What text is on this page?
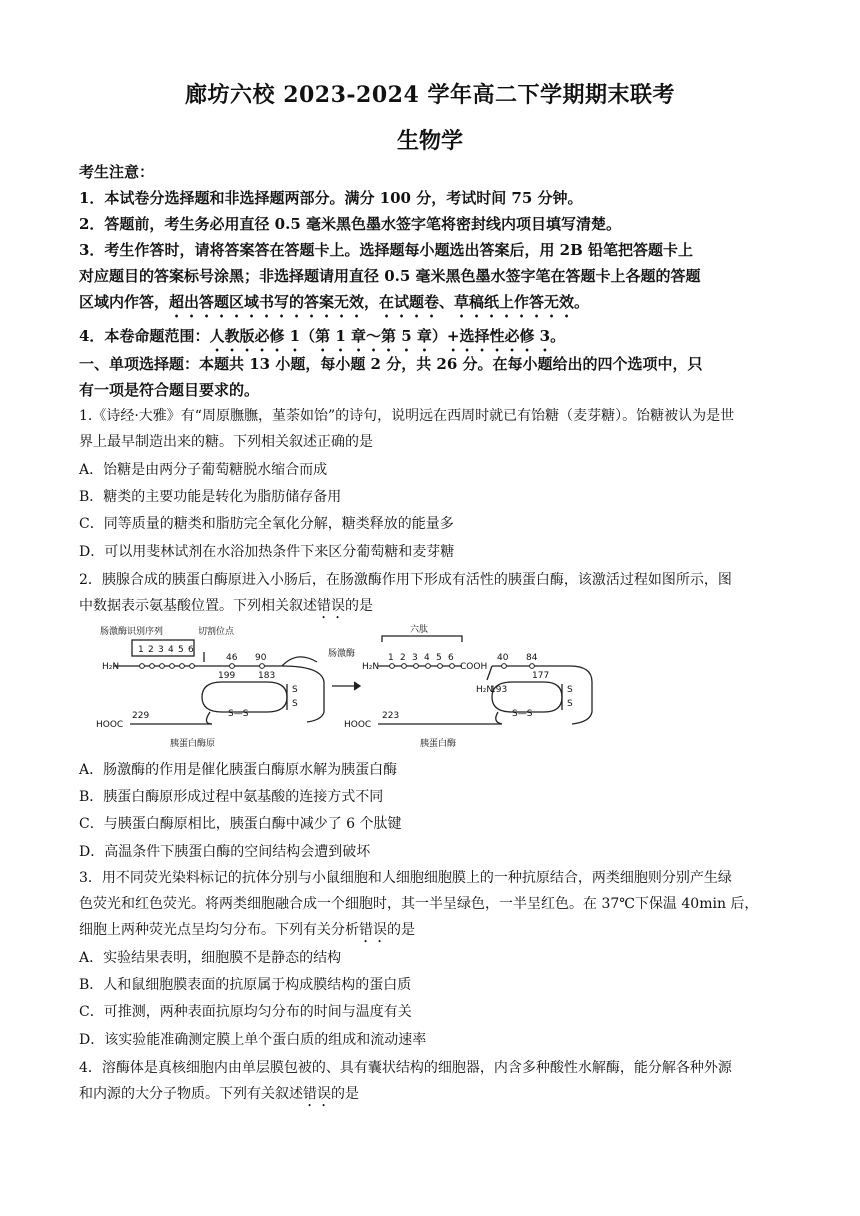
廊坊六校 2023-2024 学年高二下学期期末联考
生物学
考生注意：
1．本试卷分选择题和非选择题两部分。满分 100 分，考试时间 75 分钟。
2．答题前，考生务必用直径 0.5 毫米黑色墨水签字笔将密封线内项目填写清楚。
3．考生作答时，请将答案答在答题卡上。选择题每小题选出答案后，用 2B 铅笔把答题卡上
对应题目的答案标号涂黑；非选择题请用直径 0.5 毫米黑色墨水签字笔在答题卡上各题的答题
区域内作答，超出答题区域书写的答案无效，在试题卷、草稿纸上作答无效。
4．本卷命题范围：人教版必修 1（第 1 章～第 5 章）+选择性必修 3。
一、单项选择题：本题共 13 小题，每小题 2 分，共 26 分。在每小题给出的四个选项中，只
有一项是符合题目要求的。
1.《诗经·大雅》有“周原膴膴，堇荼如饴”的诗句，说明远在西周时就已有饴糖（麦芽糖）。饴糖被认为是世
界上最早制造出来的糖。下列相关叙述正确的是
A．饴糖是由两分子葡萄糖脱水缩合而成
B．糖类的主要功能是转化为脂肪储存备用
C．同等质量的糖类和脂肪完全氧化分解，糖类释放的能量多
D．可以用斐林试剂在水浴加热条件下来区分葡萄糖和麦芽糖
2．胰腺合成的胰蛋白酶原进入小肠后，在肠激酶作用下形成有活性的胰蛋白酶，该激活过程如图所示，图
中数据表示氨基酸位置。下列相关叙述错误的是
肠激酶识别序列	切割位点
H₂N
1 2 3 4 5 6
46 90
199	183
S
S
S—S
HOOC
229
胰蛋白酶原
肠激酶
六肽
H₂N
1 2 3 4 5 6
COOH
40 84
H₂N
193
177
S
S
S—S
HOOC
223
胰蛋白酶
A．肠激酶的作用是催化胰蛋白酶原水解为胰蛋白酶
B．胰蛋白酶原形成过程中氨基酸的连接方式不同
C．与胰蛋白酶原相比，胰蛋白酶中减少了 6 个肽键
D．高温条件下胰蛋白酶的空间结构会遭到破坏
3．用不同荧光染料标记的抗体分别与小鼠细胞和人细胞细胞膜上的一种抗原结合，两类细胞则分别产生绿
色荧光和红色荧光。将两类细胞融合成一个细胞时，其一半呈绿色，一半呈红色。在 37℃下保温 40min 后，
细胞上两种荧光点呈均匀分布。下列有关分析错误的是
A．实验结果表明，细胞膜不是静态的结构
B．人和鼠细胞膜表面的抗原属于构成膜结构的蛋白质
C．可推测，两种表面抗原均匀分布的时间与温度有关
D．该实验能准确测定膜上单个蛋白质的组成和流动速率
4．溶酶体是真核细胞内由单层膜包被的、具有囊状结构的细胞器，内含多种酸性水解酶，能分解各种外源
和内源的大分子物质。下列有关叙述错误的是
